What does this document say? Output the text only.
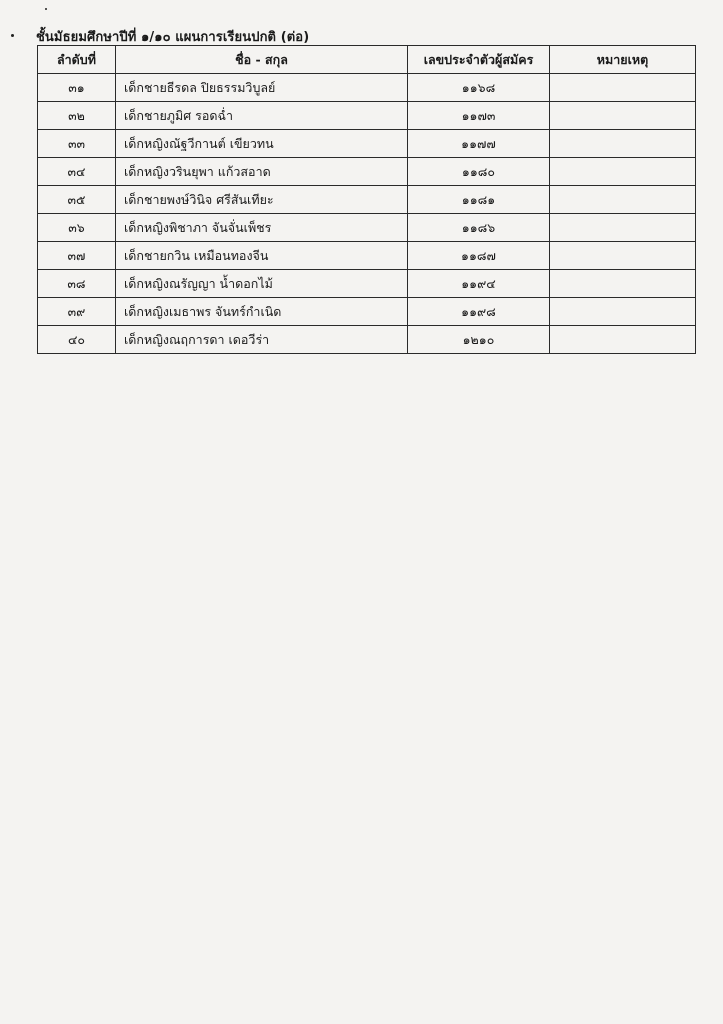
ชั้นมัธยมศึกษาปีที่ ๑/๑๐ แผนการเรียนปกติ (ต่อ)
ลำดับที่	ชื่อ - สกุล	เลขประจำตัวผู้สมัคร	หมายเหตุ
๓๑	เด็กชายธีรดล ปิยธรรมวิบูลย์	๑๑๖๘	
๓๒	เด็กชายภูมิศ รอดฉ่ำ	๑๑๗๓	
๓๓	เด็กหญิงณัฐวีกานต์ เขียวทน	๑๑๗๗	
๓๔	เด็กหญิงวรินยุพา แก้วสอาด	๑๑๘๐	
๓๕	เด็กชายพงษ์วินิจ ศรีสันเทียะ	๑๑๘๑	
๓๖	เด็กหญิงพิชาภา จันจั่นเพ็ชร	๑๑๘๖	
๓๗	เด็กชายกวิน เหมือนทองจีน	๑๑๘๗	
๓๘	เด็กหญิงณรัญญา น้ำดอกไม้	๑๑๙๔	
๓๙	เด็กหญิงเมธาพร จันทร์กำเนิด	๑๑๙๘	
๔๐	เด็กหญิงณฤการดา เดอวีร่า	๑๒๑๐	
